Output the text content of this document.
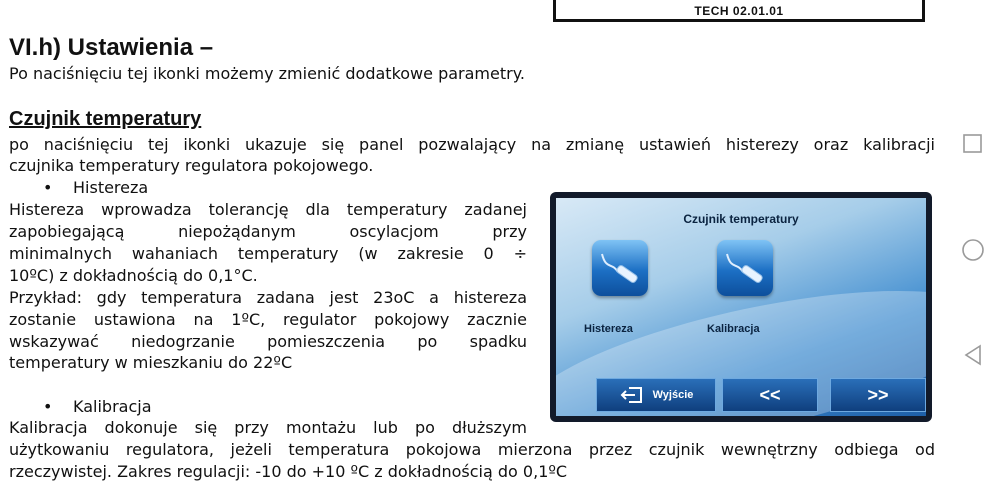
TECH 02.01.01
VI.h) Ustawienia –
Po naciśnięciu tej ikonki możemy zmienić dodatkowe parametry.
Czujnik temperatury
po naciśnięciu tej ikonki ukazuje się panel pozwalający na zmianę ustawień histerezy oraz kalibracji
czujnika temperatury regulatora pokojowego.
• Histereza
Histereza wprowadza tolerancję dla temperatury zadanej
zapobiegającą niepożądanym oscylacjom przy
minimalnych wahaniach temperatury (w zakresie 0 ÷
10ºC) z dokładnością do 0,1°C.
Przykład: gdy temperatura zadana jest 23oC a histereza
zostanie ustawiona na 1ºC, regulator pokojowy zacznie
wskazywać niedogrzanie pomieszczenia po spadku
temperatury w mieszkaniu do 22ºC
• Kalibracja
Kalibracja dokonuje się przy montażu lub po dłuższym
użytkowaniu regulatora, jeżeli temperatura pokojowa mierzona przez czujnik wewnętrzny odbiega od
rzeczywistej. Zakres regulacji: -10 do +10 ºC z dokładnością do 0,1ºC
Czujnik temperatury
Histereza	Kalibracja
Wyjście	<<	>>
